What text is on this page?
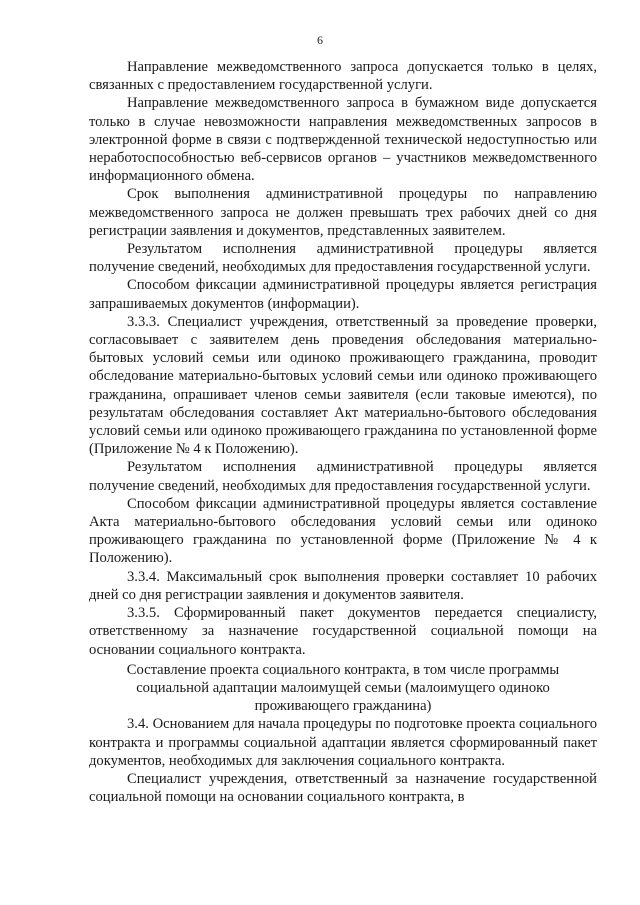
6

Направление межведомственного запроса допускается только в целях, связанных с предоставлением государственной услуги.

Направление межведомственного запроса в бумажном виде допускается только в случае невозможности направления межведомственных запросов в электронной форме в связи с подтвержденной технической недоступностью или неработоспособностью веб-сервисов органов – участников межведомственного информационного обмена.

Срок выполнения административной процедуры по направлению межведомственного запроса не должен превышать трех рабочих дней со дня регистрации заявления и документов, представленных заявителем.

Результатом исполнения административной процедуры является получение сведений, необходимых для предоставления государственной услуги.

Способом фиксации административной процедуры является регистрация запрашиваемых документов (информации).

3.3.3. Специалист учреждения, ответственный за проведение проверки, согласовывает с заявителем день проведения обследования материально-бытовых условий семьи или одиноко проживающего гражданина, проводит обследование материально-бытовых условий семьи или одиноко проживающего гражданина, опрашивает членов семьи заявителя (если таковые имеются), по результатам обследования составляет Акт материально-бытового обследования условий семьи или одиноко проживающего гражданина по установленной форме (Приложение № 4 к Положению).

Результатом исполнения административной процедуры является получение сведений, необходимых для предоставления государственной услуги.

Способом фиксации административной процедуры является составление Акта материально-бытового обследования условий семьи или одиноко проживающего гражданина по установленной форме (Приложение № 4 к Положению).

3.3.4. Максимальный срок выполнения проверки составляет 10 рабочих дней со дня регистрации заявления и документов заявителя.

3.3.5. Сформированный пакет документов передается специалисту, ответственному за назначение государственной социальной помощи на основании социального контракта.

Составление проекта социального контракта, в том числе программы социальной адаптации малоимущей семьи (малоимущего одиноко проживающего гражданина)

3.4. Основанием для начала процедуры по подготовке проекта социального контракта и программы социальной адаптации является сформированный пакет документов, необходимых для заключения социального контракта.

Специалист учреждения, ответственный за назначение государственной социальной помощи на основании социального контракта, в
